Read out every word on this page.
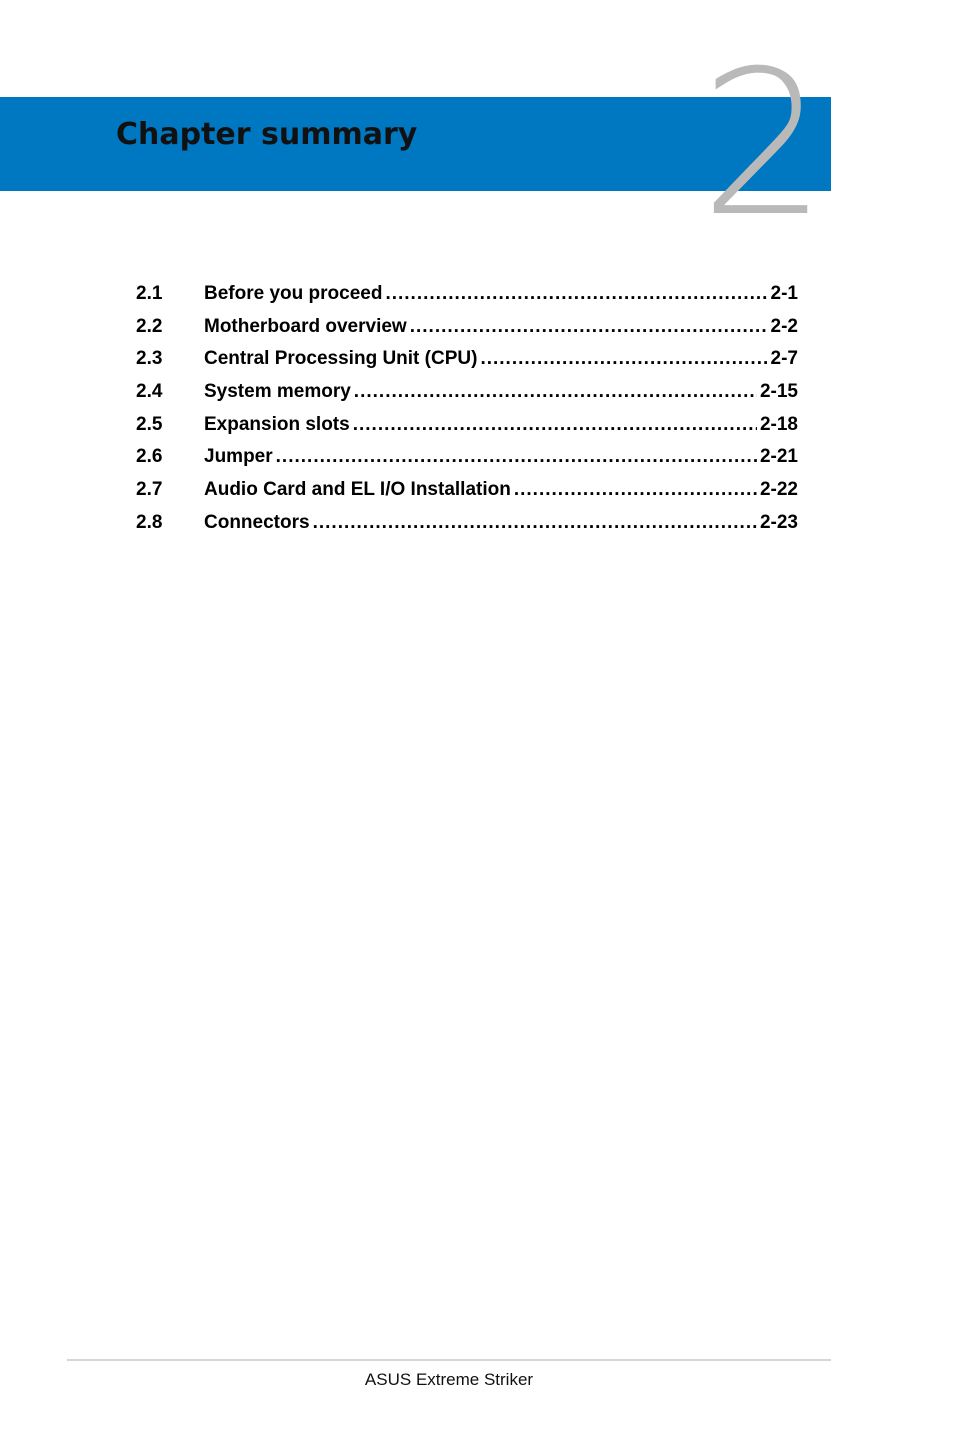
Chapter summary 2
2.1	Before you proceed .....	2-1
2.2	Motherboard overview .....	2-2
2.3	Central Processing Unit (CPU) .....	2-7
2.4	System memory .....	2-15
2.5	Expansion slots .....	2-18
2.6	Jumper .....	2-21
2.7	Audio Card and EL I/O Installation .....	2-22
2.8	Connectors .....	2-23
ASUS Extreme Striker
